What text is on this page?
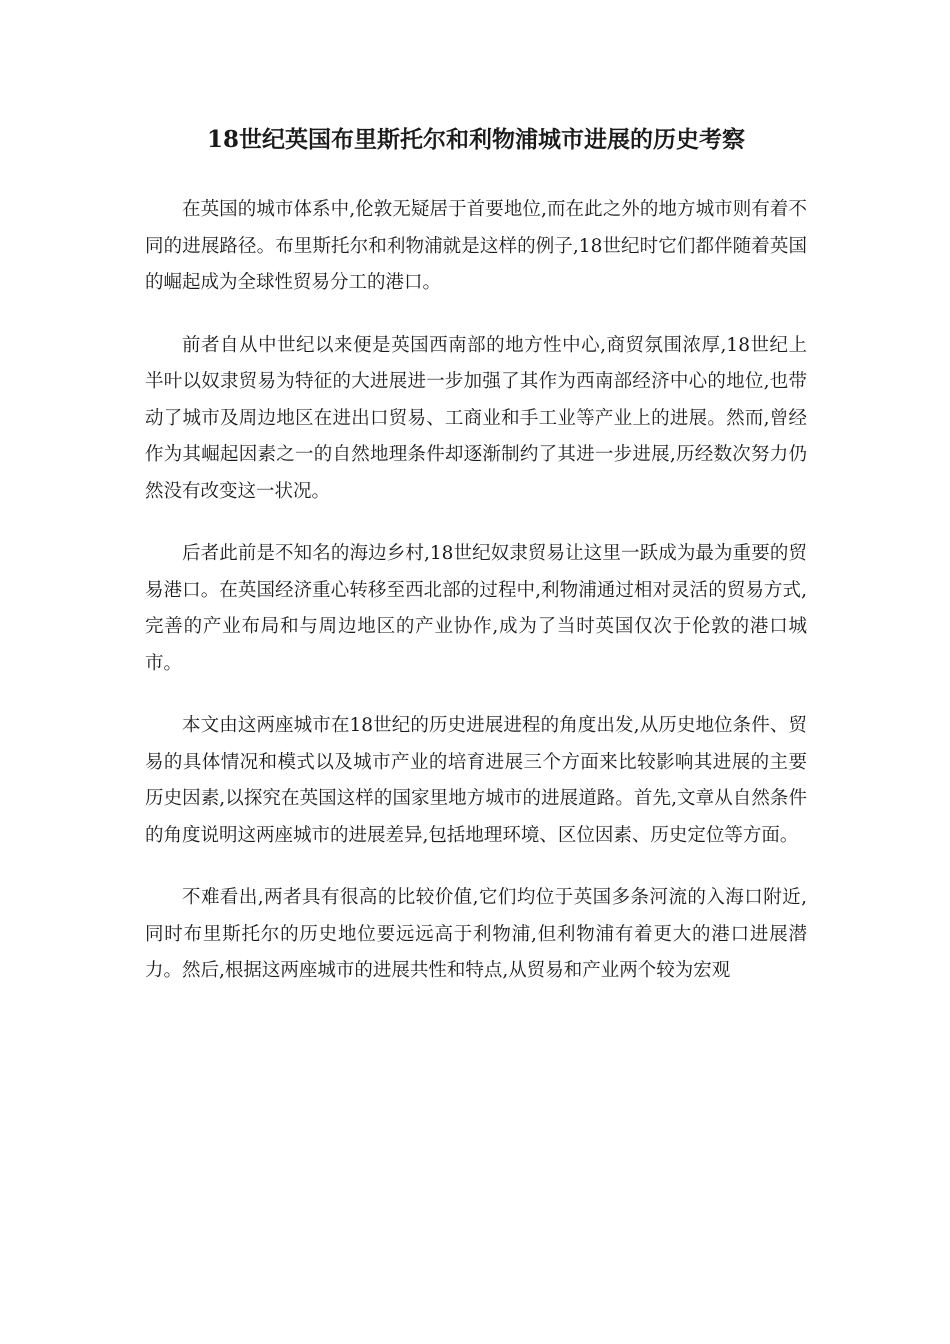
18世纪英国布里斯托尔和利物浦城市进展的历史考察

在英国的城市体系中,伦敦无疑居于首要地位,而在此之外的地方城市则有着不同的进展路径。布里斯托尔和利物浦就是这样的例子,18世纪时它们都伴随着英国的崛起成为全球性贸易分工的港口。

前者自从中世纪以来便是英国西南部的地方性中心,商贸氛围浓厚,18世纪上半叶以奴隶贸易为特征的大进展进一步加强了其作为西南部经济中心的地位,也带动了城市及周边地区在进出口贸易、工商业和手工业等产业上的进展。然而,曾经作为其崛起因素之一的自然地理条件却逐渐制约了其进一步进展,历经数次努力仍然没有改变这一状况。

后者此前是不知名的海边乡村,18世纪奴隶贸易让这里一跃成为最为重要的贸易港口。在英国经济重心转移至西北部的过程中,利物浦通过相对灵活的贸易方式,完善的产业布局和与周边地区的产业协作,成为了当时英国仅次于伦敦的港口城市。

本文由这两座城市在18世纪的历史进展进程的角度出发,从历史地位条件、贸易的具体情况和模式以及城市产业的培育进展三个方面来比较影响其进展的主要历史因素,以探究在英国这样的国家里地方城市的进展道路。首先,文章从自然条件的角度说明这两座城市的进展差异,包括地理环境、区位因素、历史定位等方面。

不难看出,两者具有很高的比较价值,它们均位于英国多条河流的入海口附近,同时布里斯托尔的历史地位要远远高于利物浦,但利物浦有着更大的港口进展潜力。然后,根据这两座城市的进展共性和特点,从贸易和产业两个较为宏观
